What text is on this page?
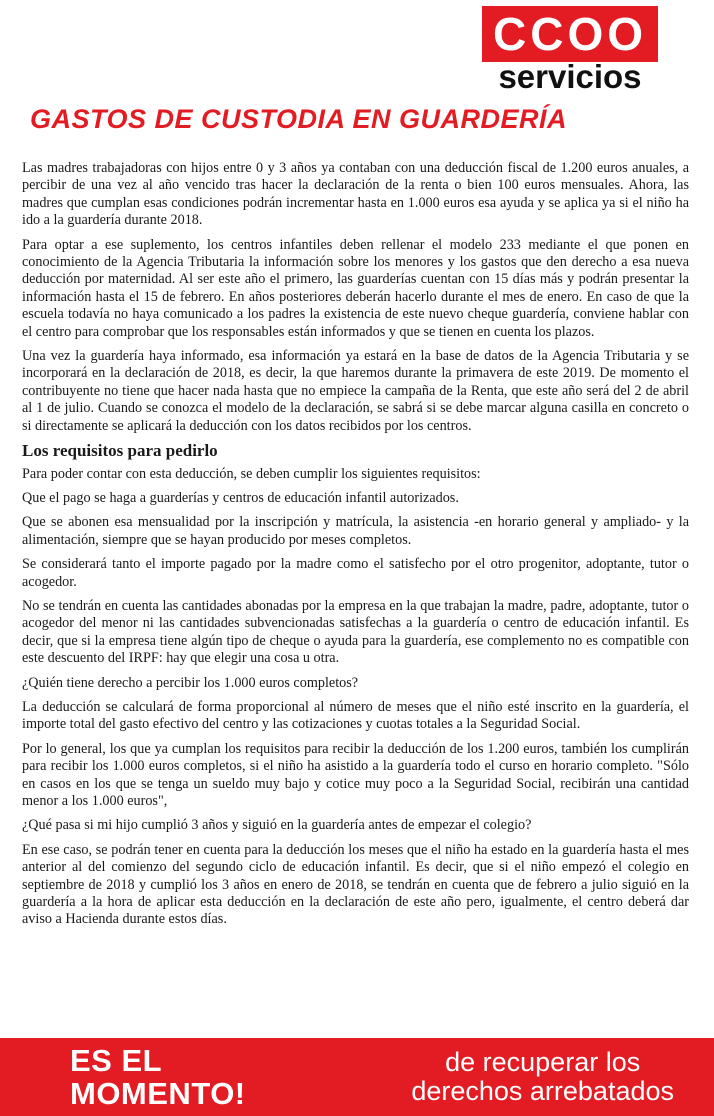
CCOO
servicios
GASTOS DE CUSTODIA EN GUARDERÍA

Las madres trabajadoras con hijos entre 0 y 3 años ya contaban con una deducción fiscal de 1.200 euros anuales, a percibir de una vez al año vencido tras hacer la declaración de la renta o bien 100 euros mensuales. Ahora, las madres que cumplan esas condiciones podrán incrementar hasta en 1.000 euros esa ayuda y se aplica ya si el niño ha ido a la guardería durante 2018.

Para optar a ese suplemento, los centros infantiles deben rellenar el modelo 233 mediante el que ponen en conocimiento de la Agencia Tributaria la información sobre los menores y los gastos que den derecho a esa nueva deducción por maternidad. Al ser este año el primero, las guarderías cuentan con 15 días más y podrán presentar la información hasta el 15 de febrero. En años posteriores deberán hacerlo durante el mes de enero. En caso de que la escuela todavía no haya comunicado a los padres la existencia de este nuevo cheque guardería, conviene hablar con el centro para comprobar que los responsables están informados y que se tienen en cuenta los plazos.

Una vez la guardería haya informado, esa información ya estará en la base de datos de la Agencia Tributaria y se incorporará en la declaración de 2018, es decir, la que haremos durante la primavera de este 2019. De momento el contribuyente no tiene que hacer nada hasta que no empiece la campaña de la Renta, que este año será del 2 de abril al 1 de julio. Cuando se conozca el modelo de la declaración, se sabrá si se debe marcar alguna casilla en concreto o si directamente se aplicará la deducción con los datos recibidos por los centros.

Los requisitos para pedirlo

Para poder contar con esta deducción, se deben cumplir los siguientes requisitos:

Que el pago se haga a guarderías y centros de educación infantil autorizados.

Que se abonen esa mensualidad por la inscripción y matrícula, la asistencia -en horario general y ampliado- y la alimentación, siempre que se hayan producido por meses completos.

Se considerará tanto el importe pagado por la madre como el satisfecho por el otro progenitor, adoptante, tutor o acogedor.

No se tendrán en cuenta las cantidades abonadas por la empresa en la que trabajan la madre, padre, adoptante, tutor o acogedor del menor ni las cantidades subvencionadas satisfechas a la guardería o centro de educación infantil. Es decir, que si la empresa tiene algún tipo de cheque o ayuda para la guardería, ese complemento no es compatible con este descuento del IRPF: hay que elegir una cosa u otra.

¿Quién tiene derecho a percibir los 1.000 euros completos?

La deducción se calculará de forma proporcional al número de meses que el niño esté inscrito en la guardería, el importe total del gasto efectivo del centro y las cotizaciones y cuotas totales a la Seguridad Social.

Por lo general, los que ya cumplan los requisitos para recibir la deducción de los 1.200 euros, también los cumplirán para recibir los 1.000 euros completos, si el niño ha asistido a la guardería todo el curso en horario completo. "Sólo en casos en los que se tenga un sueldo muy bajo y cotice muy poco a la Seguridad Social, recibirán una cantidad menor a los 1.000 euros",

¿Qué pasa si mi hijo cumplió 3 años y siguió en la guardería antes de empezar el colegio?

En ese caso, se podrán tener en cuenta para la deducción los meses que el niño ha estado en la guardería hasta el mes anterior al del comienzo del segundo ciclo de educación infantil. Es decir, que si el niño empezó el colegio en septiembre de 2018 y cumplió los 3 años en enero de 2018, se tendrán en cuenta que de febrero a julio siguió en la guardería a la hora de aplicar esta deducción en la declaración de este año pero, igualmente, el centro deberá dar aviso a Hacienda durante estos días.

ES EL
MOMENTO!
de recuperar los
derechos arrebatados
